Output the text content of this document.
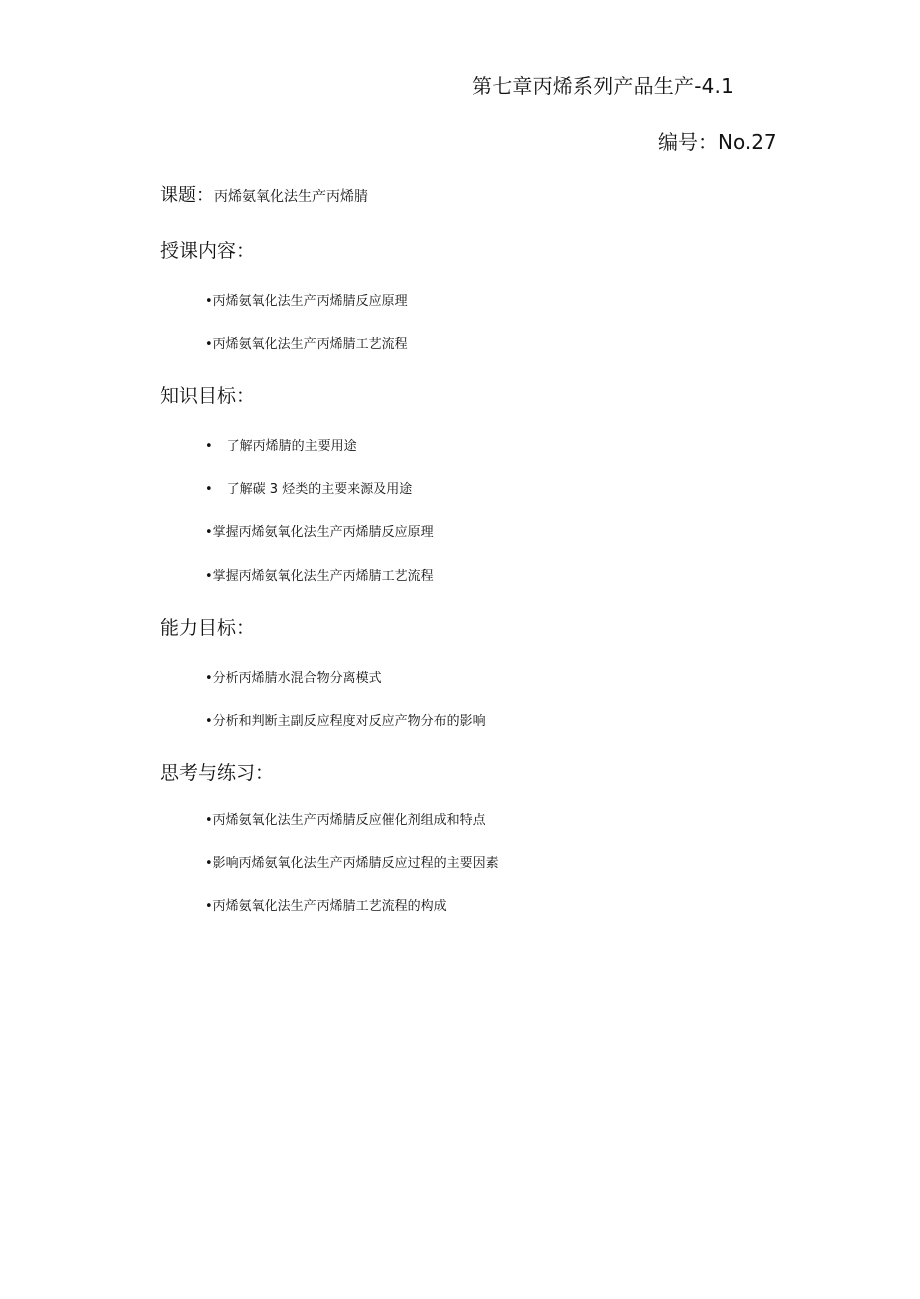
第七章丙烯系列产品生产-4.1
编号：No.27
课题：丙烯氨氧化法生产丙烯腈
授课内容：
•丙烯氨氧化法生产丙烯腈反应原理
•丙烯氨氧化法生产丙烯腈工艺流程
知识目标：
• 了解丙烯腈的主要用途
• 了解碳 3 烃类的主要来源及用途
•掌握丙烯氨氧化法生产丙烯腈反应原理
•掌握丙烯氨氧化法生产丙烯腈工艺流程
能力目标：
•分析丙烯腈水混合物分离模式
•分析和判断主副反应程度对反应产物分布的影响
思考与练习：
•丙烯氨氧化法生产丙烯腈反应催化剂组成和特点
•影响丙烯氨氧化法生产丙烯腈反应过程的主要因素
•丙烯氨氧化法生产丙烯腈工艺流程的构成
